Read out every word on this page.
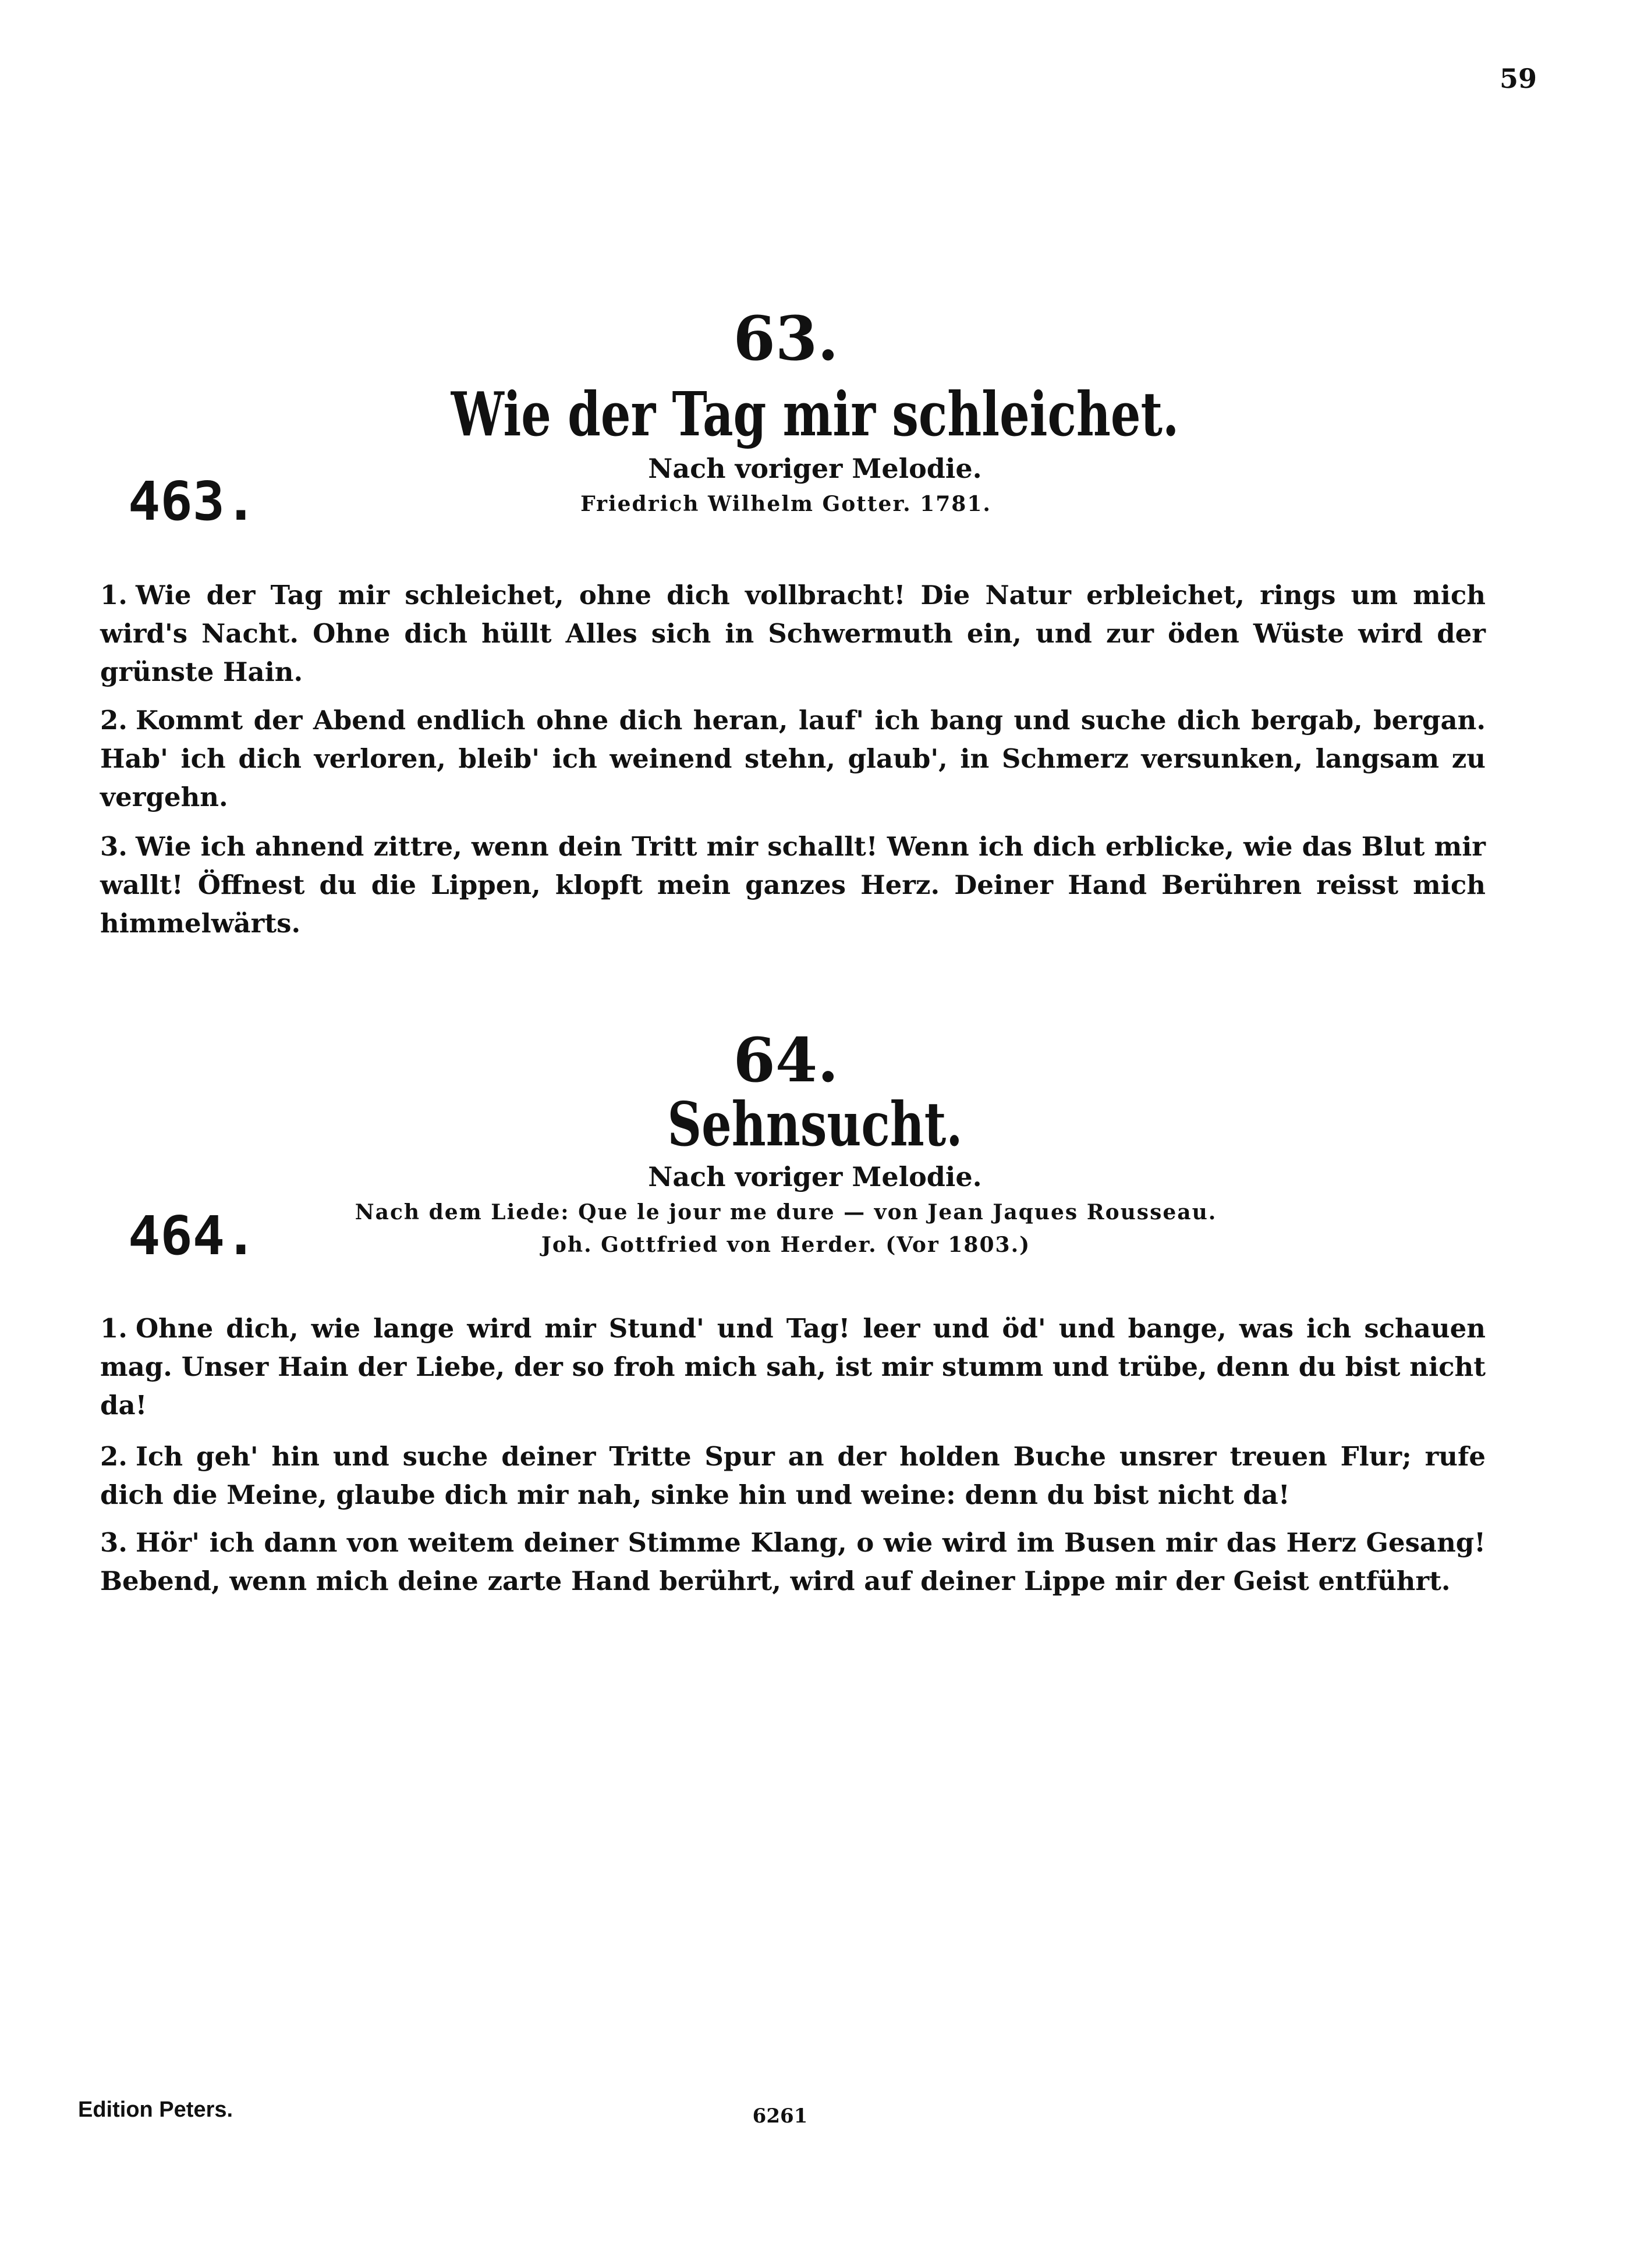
59
63.
Wie der Tag mir schleichet.
Nach voriger Melodie.
Friedrich Wilhelm Gotter. 1781.
463.

1. Wie der Tag mir schleichet, ohne dich vollbracht! Die Natur erbleichet, rings um mich wird's Nacht. Ohne dich hüllt Alles sich in Schwermuth ein, und zur öden Wüste wird der grünste Hain.

2. Kommt der Abend endlich ohne dich heran, lauf' ich bang und suche dich bergab, bergan. Hab' ich dich verloren, bleib' ich weinend stehn, glaub', in Schmerz versunken, langsam zu vergehn.

3. Wie ich ahnend zittre, wenn dein Tritt mir schallt! Wenn ich dich erblicke, wie das Blut mir wallt! Öffnest du die Lippen, klopft mein ganzes Herz. Deiner Hand Berühren reisst mich himmelwärts.

64.
Sehnsucht.
Nach voriger Melodie.
Nach dem Liede: Que le jour me dure — von Jean Jaques Rousseau.
Joh. Gottfried von Herder. (Vor 1803.)
464.

1. Ohne dich, wie lange wird mir Stund' und Tag! leer und öd' und bange, was ich schauen mag. Unser Hain der Liebe, der so froh mich sah, ist mir stumm und trübe, denn du bist nicht da!

2. Ich geh' hin und suche deiner Tritte Spur an der holden Buche unsrer treuen Flur; rufe dich die Meine, glaube dich mir nah, sinke hin und weine: denn du bist nicht da!

3. Hör' ich dann von weitem deiner Stimme Klang, o wie wird im Busen mir das Herz Gesang! Bebend, wenn mich deine zarte Hand berührt, wird auf deiner Lippe mir der Geist entführt.

Edition Peters.	6261
